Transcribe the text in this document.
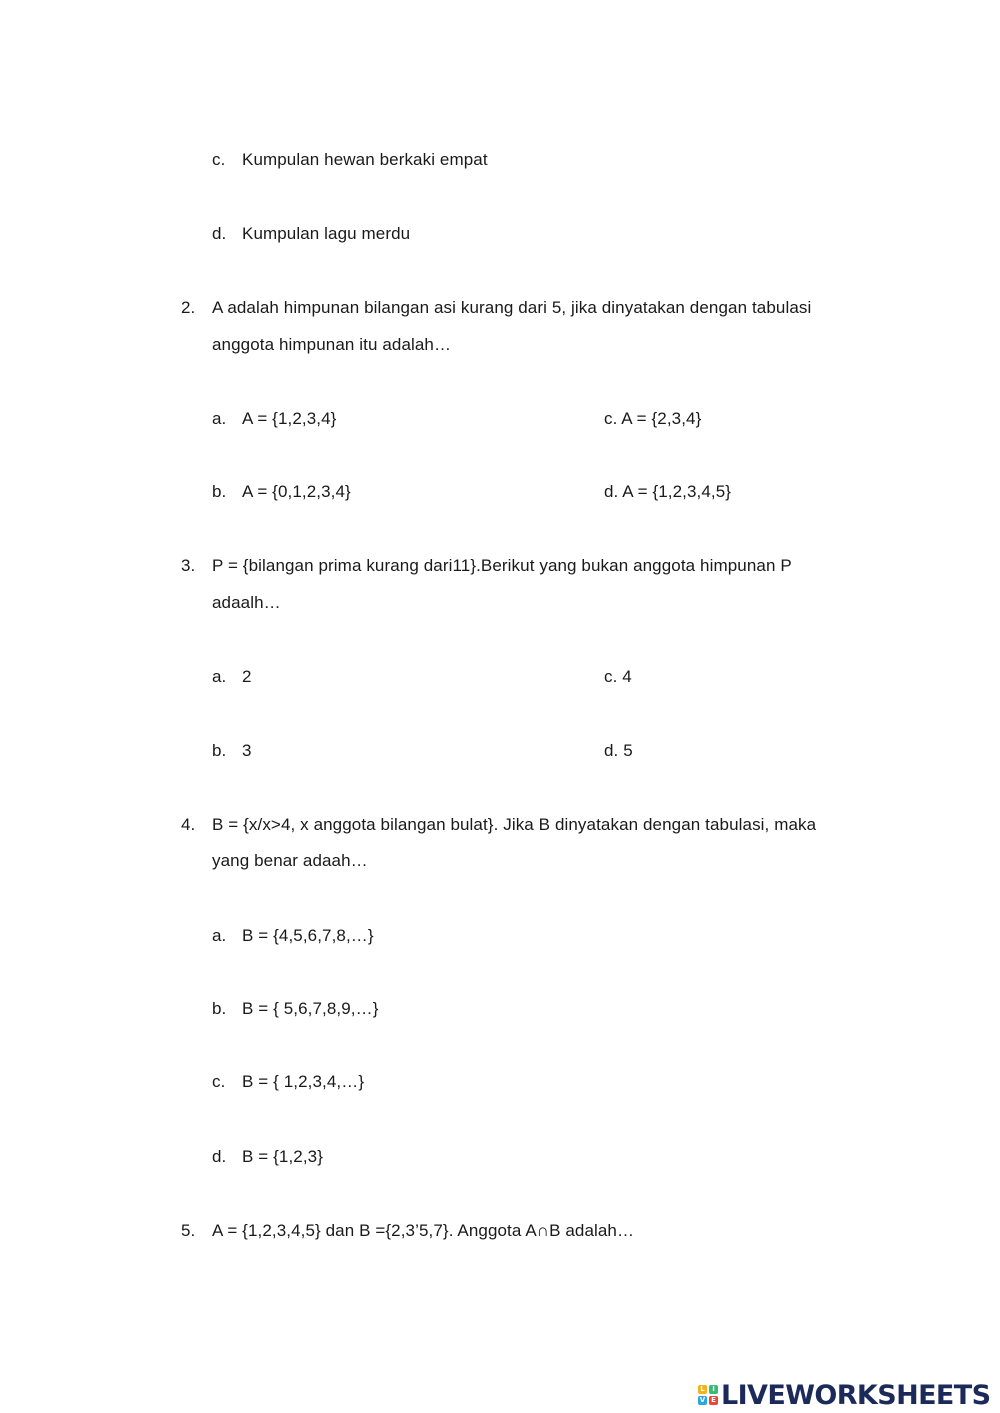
c. Kumpulan hewan berkaki empat
d. Kumpulan lagu merdu
2. A adalah himpunan bilangan asi kurang dari 5, jika dinyatakan dengan tabulasi
anggota himpunan itu adalah…
a. A = {1,2,3,4}	c. A = {2,3,4}
b. A = {0,1,2,3,4}	d. A = {1,2,3,4,5}
3. P = {bilangan prima kurang dari11}.Berikut yang bukan anggota himpunan P
adaalh…
a. 2	c. 4
b. 3	d. 5
4. B = {x/x>4, x anggota bilangan bulat}. Jika B dinyatakan dengan tabulasi, maka
yang benar adaah…
a. B = {4,5,6,7,8,…}
b. B = { 5,6,7,8,9,…}
c. B = { 1,2,3,4,…}
d. B = {1,2,3}
5. A = {1,2,3,4,5} dan B ={2,3’5,7}. Anggota A∩B adalah…
L	I
V E LIVEWORKSHEETS
